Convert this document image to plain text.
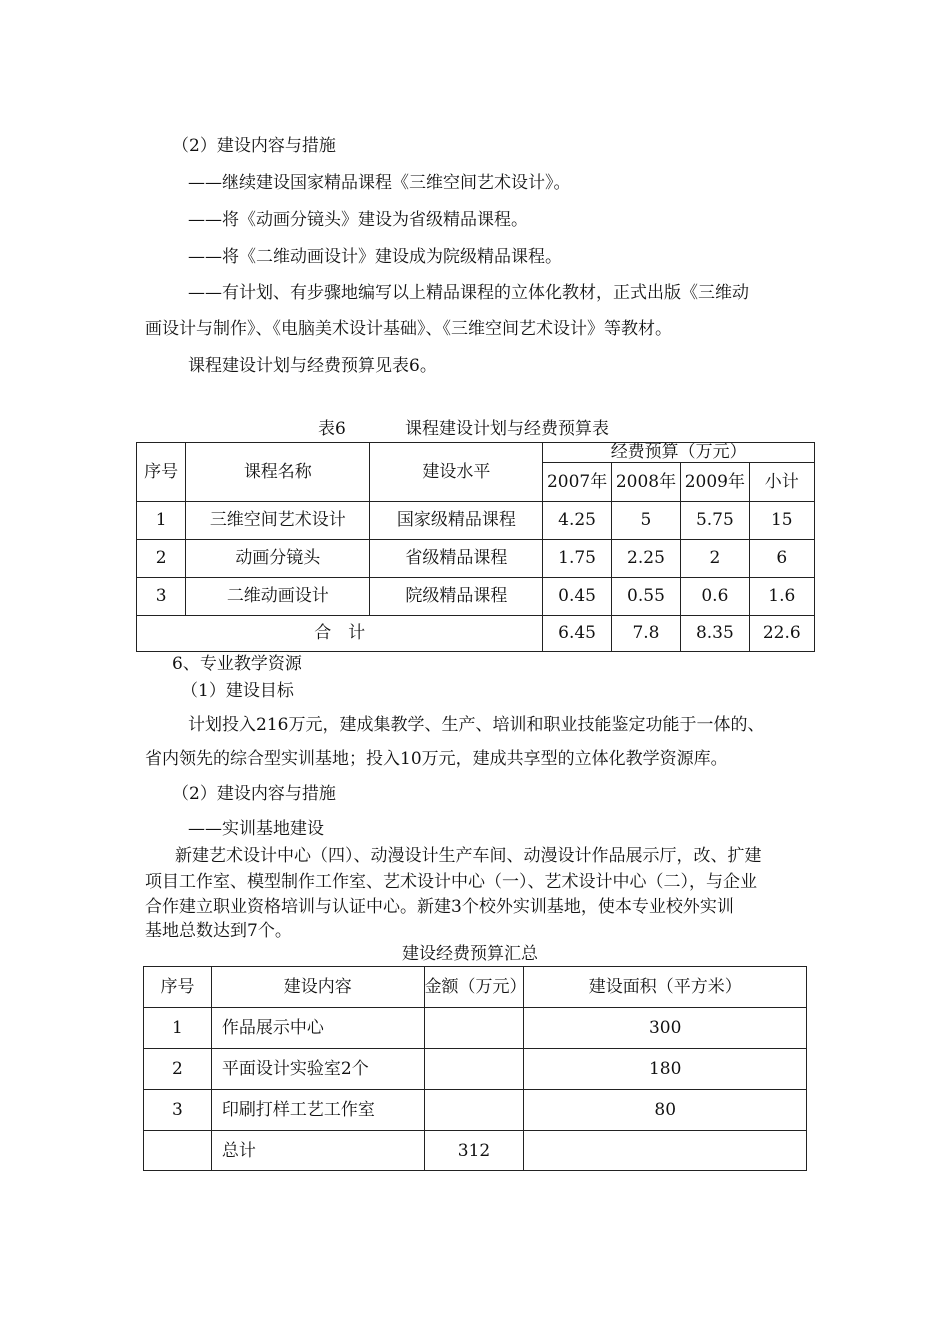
（2）建设内容与措施
——继续建设国家精品课程《三维空间艺术设计》。
——将《动画分镜头》建设为省级精品课程。
——将《二维动画设计》建设成为院级精品课程。
——有计划、有步骤地编写以上精品课程的立体化教材，正式出版《三维动
画设计与制作》、《电脑美术设计基础》、《三维空间艺术设计》等教材。
课程建设计划与经费预算见表6。
表6	课程建设计划与经费预算表
序号	课程名称	建设水平	经费预算（万元）			
			2007年	2008年	2009年	小计
1	三维空间艺术设计	国家级精品课程	4.25	5	5.75	15
2	动画分镜头	省级精品课程	1.75	2.25	2	6
3	二维动画设计	院级精品课程	0.45	0.55	0.6	1.6
合　计			6.45	7.8	8.35	22.6
6、专业教学资源
（1）建设目标
计划投入216万元，建成集教学、生产、培训和职业技能鉴定功能于一体的、
省内领先的综合型实训基地；投入10万元，建成共享型的立体化教学资源库。
（2）建设内容与措施
——实训基地建设
新建艺术设计中心（四）、动漫设计生产车间、动漫设计作品展示厅，改、扩建
项目工作室、模型制作工作室、艺术设计中心（一）、艺术设计中心（二），与企业
合作建立职业资格培训与认证中心。新建3个校外实训基地，使本专业校外实训
基地总数达到7个。
建设经费预算汇总
序号	建设内容	金额（万元）	建设面积（平方米）
1	作品展示中心		300
2	平面设计实验室2个		180
3	印刷打样工艺工作室		80
	总计	312	
